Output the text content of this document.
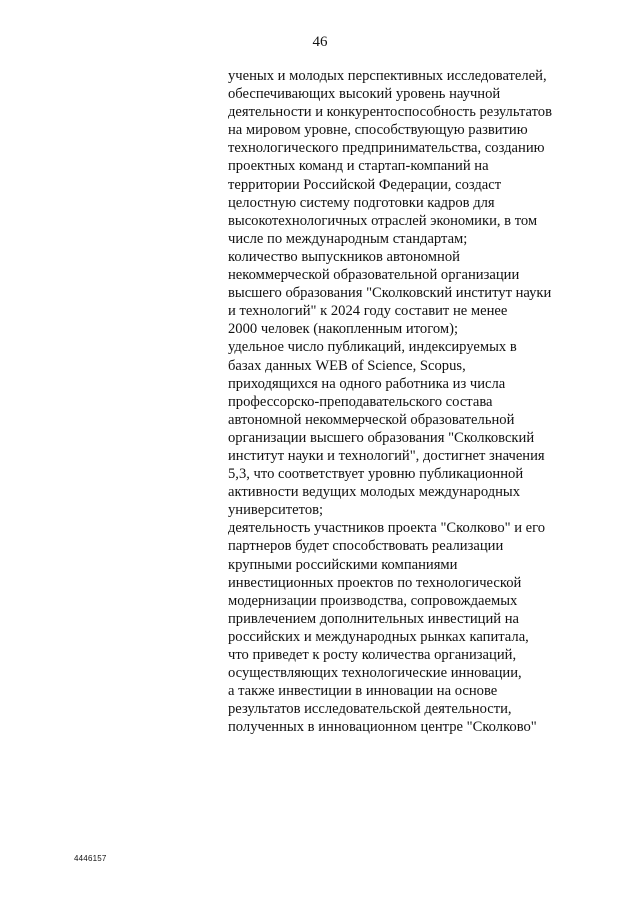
46
ученых и молодых перспективных исследователей,
обеспечивающих высокий уровень научной
деятельности и конкурентоспособность результатов
на мировом уровне, способствующую развитию
технологического предпринимательства, созданию
проектных команд и стартап-компаний на
территории Российской Федерации, создаст
целостную систему подготовки кадров для
высокотехнологичных отраслей экономики, в том
числе по международным стандартам;
количество выпускников автономной
некоммерческой образовательной организации
высшего образования "Сколковский институт науки
и технологий" к 2024 году составит не менее
2000 человек (накопленным итогом);
удельное число публикаций, индексируемых в
базах данных WEB of Science, Scopus,
приходящихся на одного работника из числа
профессорско-преподавательского состава
автономной некоммерческой образовательной
организации высшего образования "Сколковский
институт науки и технологий", достигнет значения
5,3, что соответствует уровню публикационной
активности ведущих молодых международных
университетов;
деятельность участников проекта "Сколково" и его
партнеров будет способствовать реализации
крупными российскими компаниями
инвестиционных проектов по технологической
модернизации производства, сопровождаемых
привлечением дополнительных инвестиций на
российских и международных рынках капитала,
что приведет к росту количества организаций,
осуществляющих технологические инновации,
а также инвестиции в инновации на основе
результатов исследовательской деятельности,
полученных в инновационном центре "Сколково"
4446157
